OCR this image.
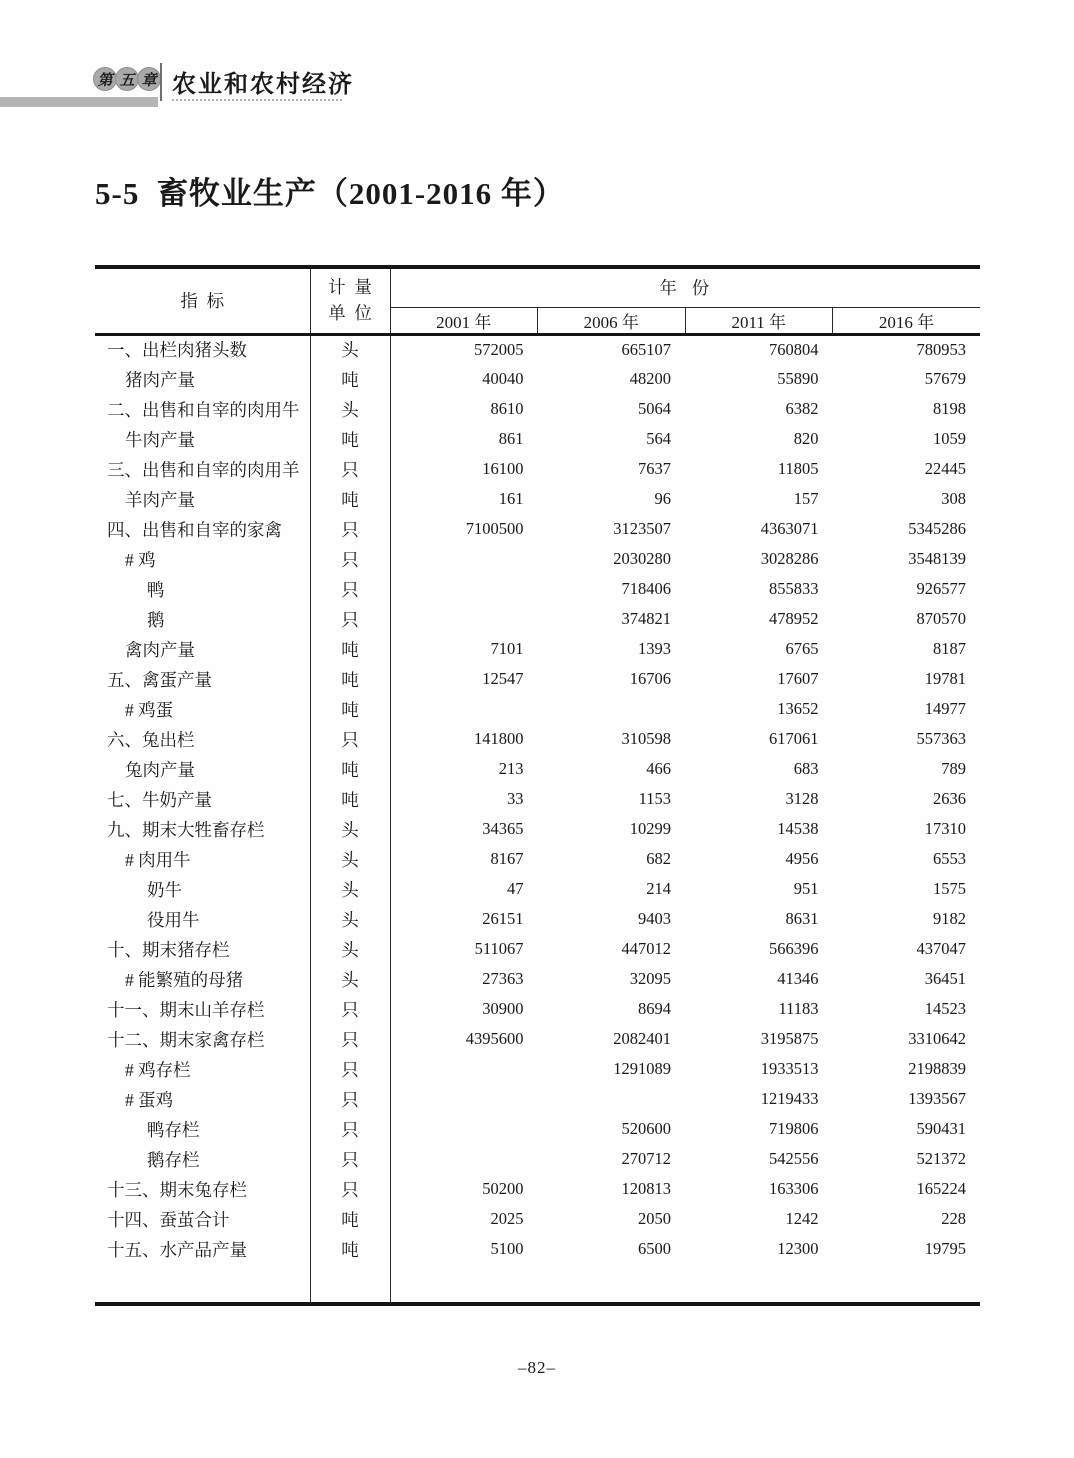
第 五 章 农业和农村经济
5-5  畜牧业生产（2001-2016 年）
指  标	计  量
单  位	年  份			
		2001 年	2006 年	2011 年	2016 年
一、出栏肉猪头数	头	572005	665107	760804	780953
猪肉产量	吨	40040	48200	55890	57679
二、出售和自宰的肉用牛	头	8610	5064	6382	8198
牛肉产量	吨	861	564	820	1059
三、出售和自宰的肉用羊	只	16100	7637	11805	22445
羊肉产量	吨	161	96	157	308
四、出售和自宰的家禽	只	7100500	3123507	4363071	5345286
# 鸡	只		2030280	3028286	3548139
鸭	只		718406	855833	926577
鹅	只		374821	478952	870570
禽肉产量	吨	7101	1393	6765	8187
五、禽蛋产量	吨	12547	16706	17607	19781
# 鸡蛋	吨			13652	14977
六、兔出栏	只	141800	310598	617061	557363
兔肉产量	吨	213	466	683	789
七、牛奶产量	吨	33	1153	3128	2636
九、期末大牲畜存栏	头	34365	10299	14538	17310
# 肉用牛	头	8167	682	4956	6553
奶牛	头	47	214	951	1575
役用牛	头	26151	9403	8631	9182
十、期末猪存栏	头	511067	447012	566396	437047
# 能繁殖的母猪	头	27363	32095	41346	36451
十一、期末山羊存栏	只	30900	8694	11183	14523
十二、期末家禽存栏	只	4395600	2082401	3195875	3310642
# 鸡存栏	只		1291089	1933513	2198839
# 蛋鸡	只			1219433	1393567
鸭存栏	只		520600	719806	590431
鹅存栏	只		270712	542556	521372
十三、期末兔存栏	只	50200	120813	163306	165224
十四、蚕茧合计	吨	2025	2050	1242	228
十五、水产品产量	吨	5100	6500	12300	19795

–82–
